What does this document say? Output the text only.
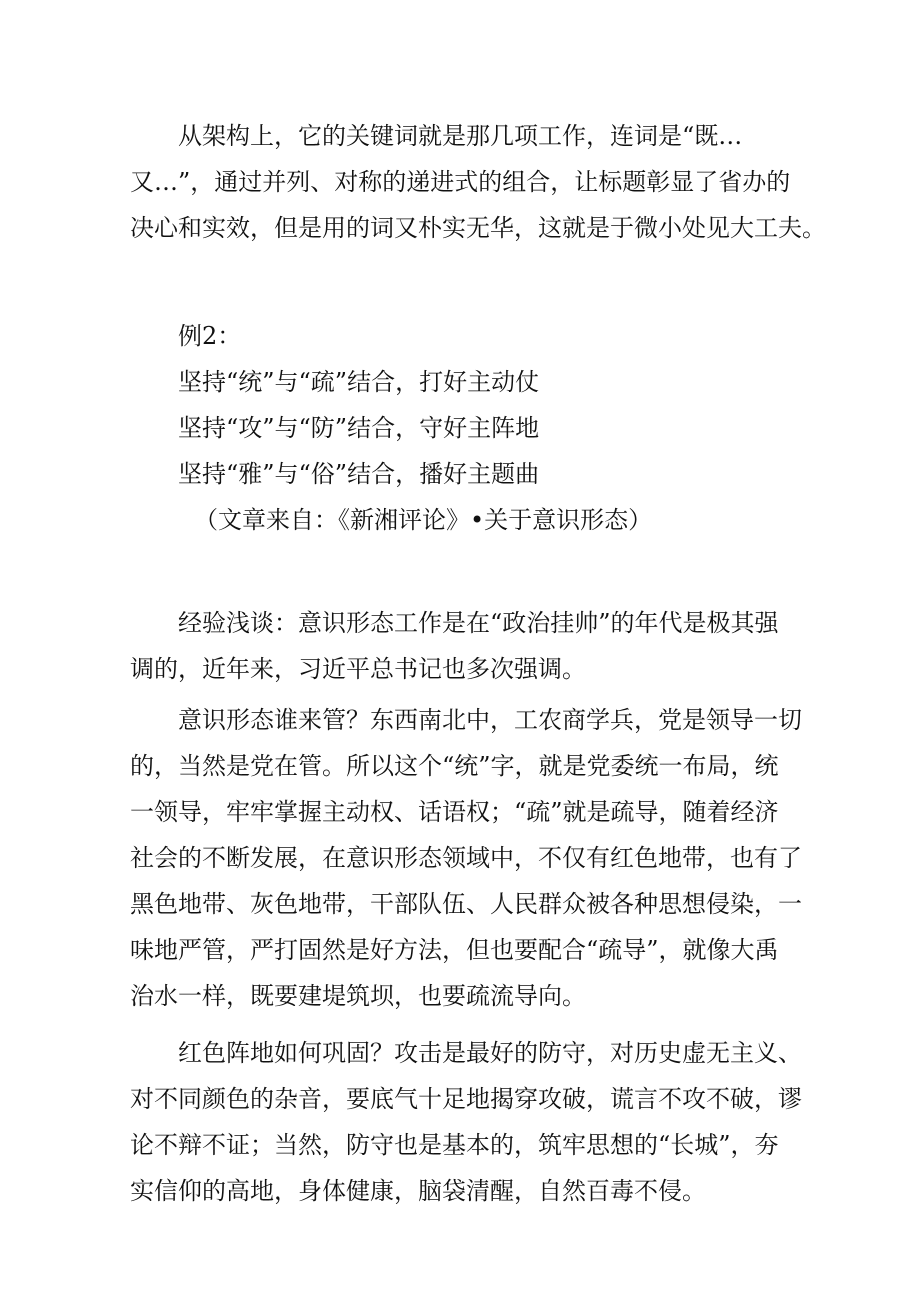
从架构上，它的关键词就是那几项工作，连词是“既…
又…”，通过并列、对称的递进式的组合，让标题彰显了省办的
决心和实效，但是用的词又朴实无华，这就是于微小处见大工夫。
例2：
坚持“统”与“疏”结合，打好主动仗
坚持“攻”与“防”结合，守好主阵地
坚持“雅”与“俗”结合，播好主题曲
（文章来自：《新湘评论》•关于意识形态）
经验浅谈：意识形态工作是在“政治挂帅”的年代是极其强
调的，近年来，习近平总书记也多次强调。
意识形态谁来管？东西南北中，工农商学兵，党是领导一切
的，当然是党在管。所以这个“统”字，就是党委统一布局，统
一领导，牢牢掌握主动权、话语权；“疏”就是疏导，随着经济
社会的不断发展，在意识形态领域中，不仅有红色地带，也有了
黑色地带、灰色地带，干部队伍、人民群众被各种思想侵染，一
味地严管，严打固然是好方法，但也要配合“疏导”，就像大禹
治水一样，既要建堤筑坝，也要疏流导向。
红色阵地如何巩固？攻击是最好的防守，对历史虚无主义、
对不同颜色的杂音，要底气十足地揭穿攻破，谎言不攻不破，谬
论不辩不证；当然，防守也是基本的，筑牢思想的“长城”，夯
实信仰的高地，身体健康，脑袋清醒，自然百毒不侵。
